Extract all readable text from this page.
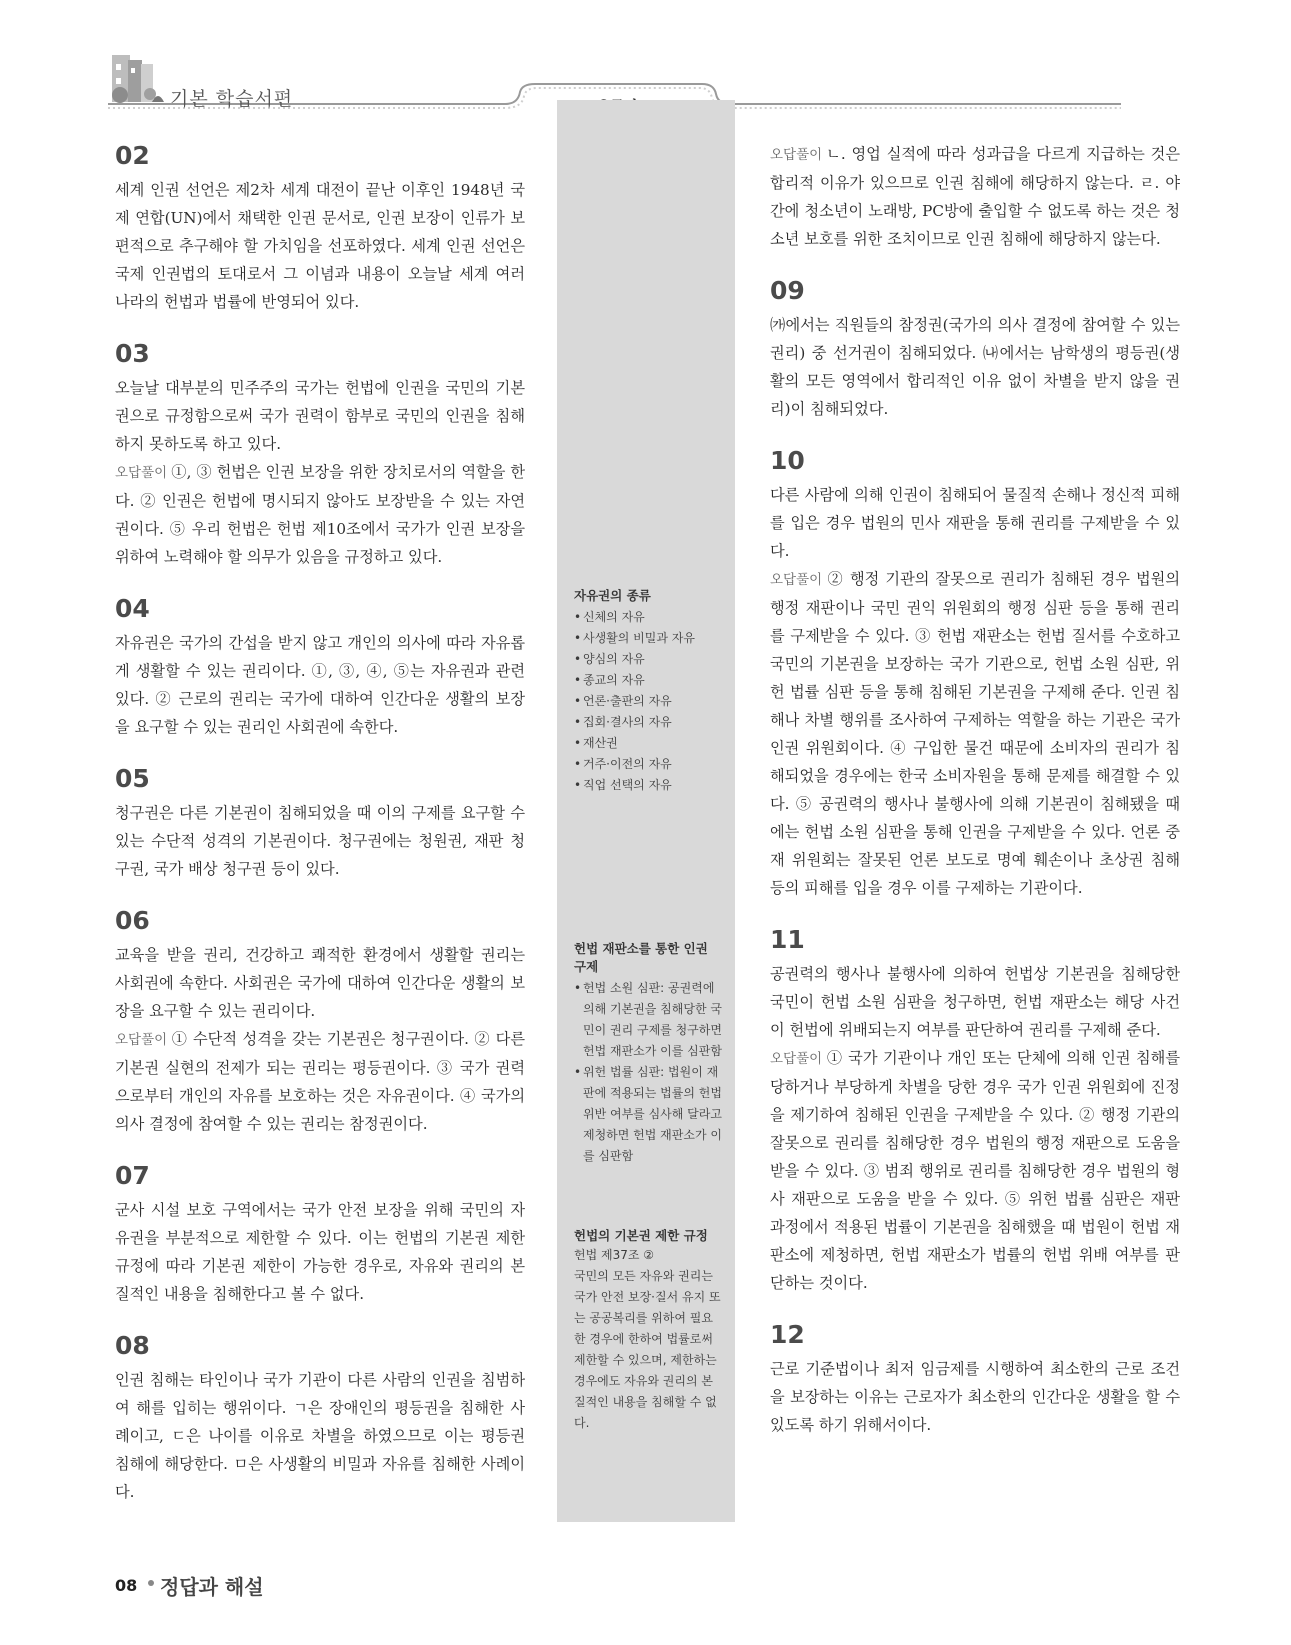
기본 학습서편
02

세계 인권 선언은 제2차 세계 대전이 끝난 이후인 1948년 국제 연합(UN)에서 채택한 인권 문서로, 인권 보장이 인류가 보편적으로 추구해야 할 가치임을 선포하였다. 세계 인권 선언은 국제 인권법의 토대로서 그 이념과 내용이 오늘날 세계 여러 나라의 헌법과 법률에 반영되어 있다.

03

오늘날 대부분의 민주주의 국가는 헌법에 인권을 국민의 기본권으로 규정함으로써 국가 권력이 함부로 국민의 인권을 침해하지 못하도록 하고 있다.

오답풀이 ①, ③ 헌법은 인권 보장을 위한 장치로서의 역할을 한다. ② 인권은 헌법에 명시되지 않아도 보장받을 수 있는 자연권이다. ⑤ 우리 헌법은 헌법 제10조에서 국가가 인권 보장을 위하여 노력해야 할 의무가 있음을 규정하고 있다.

04

자유권은 국가의 간섭을 받지 않고 개인의 의사에 따라 자유롭게 생활할 수 있는 권리이다. ①, ③, ④, ⑤는 자유권과 관련 있다. ② 근로의 권리는 국가에 대하여 인간다운 생활의 보장을 요구할 수 있는 권리인 사회권에 속한다.

05

청구권은 다른 기본권이 침해되었을 때 이의 구제를 요구할 수 있는 수단적 성격의 기본권이다. 청구권에는 청원권, 재판 청구권, 국가 배상 청구권 등이 있다.

06

교육을 받을 권리, 건강하고 쾌적한 환경에서 생활할 권리는 사회권에 속한다. 사회권은 국가에 대하여 인간다운 생활의 보장을 요구할 수 있는 권리이다.

오답풀이 ① 수단적 성격을 갖는 기본권은 청구권이다. ② 다른 기본권 실현의 전제가 되는 권리는 평등권이다. ③ 국가 권력으로부터 개인의 자유를 보호하는 것은 자유권이다. ④ 국가의 의사 결정에 참여할 수 있는 권리는 참정권이다.

07

군사 시설 보호 구역에서는 국가 안전 보장을 위해 국민의 자유권을 부분적으로 제한할 수 있다. 이는 헌법의 기본권 제한 규정에 따라 기본권 제한이 가능한 경우로, 자유와 권리의 본질적인 내용을 침해한다고 볼 수 없다.

08

인권 침해는 타인이나 국가 기관이 다른 사람의 인권을 침범하여 해를 입히는 행위이다. ㄱ은 장애인의 평등권을 침해한 사례이고, ㄷ은 나이를 이유로 차별을 하였으므로 이는 평등권 침해에 해당한다. ㅁ은 사생활의 비밀과 자유를 침해한 사례이다.

오답풀이 ㄴ. 영업 실적에 따라 성과급을 다르게 지급하는 것은 합리적 이유가 있으므로 인권 침해에 해당하지 않는다. ㄹ. 야간에 청소년이 노래방, PC방에 출입할 수 없도록 하는 것은 청소년 보호를 위한 조치이므로 인권 침해에 해당하지 않는다.

09

㈎에서는 직원들의 참정권(국가의 의사 결정에 참여할 수 있는 권리) 중 선거권이 침해되었다. ㈏에서는 남학생의 평등권(생활의 모든 영역에서 합리적인 이유 없이 차별을 받지 않을 권리)이 침해되었다.

10

다른 사람에 의해 인권이 침해되어 물질적 손해나 정신적 피해를 입은 경우 법원의 민사 재판을 통해 권리를 구제받을 수 있다.

오답풀이 ② 행정 기관의 잘못으로 권리가 침해된 경우 법원의 행정 재판이나 국민 권익 위원회의 행정 심판 등을 통해 권리를 구제받을 수 있다. ③ 헌법 재판소는 헌법 질서를 수호하고 국민의 기본권을 보장하는 국가 기관으로, 헌법 소원 심판, 위헌 법률 심판 등을 통해 침해된 기본권을 구제해 준다. 인권 침해나 차별 행위를 조사하여 구제하는 역할을 하는 기관은 국가 인권 위원회이다. ④ 구입한 물건 때문에 소비자의 권리가 침해되었을 경우에는 한국 소비자원을 통해 문제를 해결할 수 있다. ⑤ 공권력의 행사나 불행사에 의해 기본권이 침해됐을 때에는 헌법 소원 심판을 통해 인권을 구제받을 수 있다. 언론 중재 위원회는 잘못된 언론 보도로 명예 훼손이나 초상권 침해 등의 피해를 입을 경우 이를 구제하는 기관이다.

11

공권력의 행사나 불행사에 의하여 헌법상 기본권을 침해당한 국민이 헌법 소원 심판을 청구하면, 헌법 재판소는 해당 사건이 헌법에 위배되는지 여부를 판단하여 권리를 구제해 준다.

오답풀이 ① 국가 기관이나 개인 또는 단체에 의해 인권 침해를 당하거나 부당하게 차별을 당한 경우 국가 인권 위원회에 진정을 제기하여 침해된 인권을 구제받을 수 있다. ② 행정 기관의 잘못으로 권리를 침해당한 경우 법원의 행정 재판으로 도움을 받을 수 있다. ③ 범죄 행위로 권리를 침해당한 경우 법원의 형사 재판으로 도움을 받을 수 있다. ⑤ 위헌 법률 심판은 재판 과정에서 적용된 법률이 기본권을 침해했을 때 법원이 헌법 재판소에 제청하면, 헌법 재판소가 법률의 헌법 위배 여부를 판단하는 것이다.

12

근로 기준법이나 최저 임금제를 시행하여 최소한의 근로 조건을 보장하는 이유는 근로자가 최소한의 인간다운 생활을 할 수 있도록 하기 위해서이다.

자유권의 종류
• 신체의 자유
• 사생활의 비밀과 자유
• 양심의 자유
• 종교의 자유
• 언론·출판의 자유
• 집회·결사의 자유
• 재산권
• 거주·이전의 자유
• 직업 선택의 자유
헌법 재판소를 통한 인권 구제
• 헌법 소원 심판: 공권력에 의해 기본권을 침해당한 국민이 권리 구제를 청구하면 헌법 재판소가 이를 심판함
• 위헌 법률 심판: 법원이 재판에 적용되는 법률의 헌법 위반 여부를 심사해 달라고 제청하면 헌법 재판소가 이를 심판함
헌법의 기본권 제한 규정

헌법 제37조 ②

국민의 모든 자유와 권리는 국가 안전 보장·질서 유지 또는 공공복리를 위하여 필요한 경우에 한하여 법률로써 제한할 수 있으며, 제한하는 경우에도 자유와 권리의 본질적인 내용을 침해할 수 없다.

08 정답과 해설
